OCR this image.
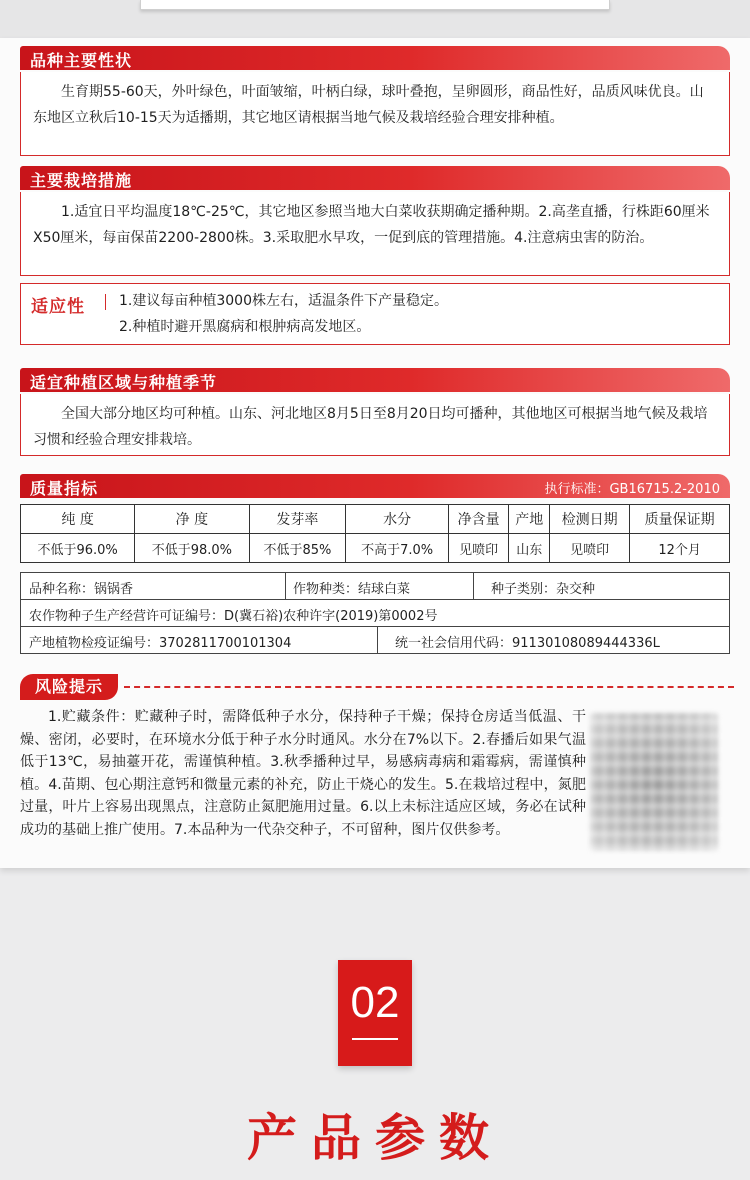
品种主要性状
生育期55-60天，外叶绿色，叶面皱缩，叶柄白绿，球叶叠抱，呈卵圆形，商品性好，品质风味优良。山东地区立秋后10-15天为适播期，其它地区请根据当地气候及栽培经验合理安排种植。
主要栽培措施
1.适宜日平均温度18℃-25℃，其它地区参照当地大白菜收获期确定播种期。2.高垄直播，行株距60厘米X50厘米，每亩保苗2200-2800株。3.采取肥水早攻，一促到底的管理措施。4.注意病虫害的防治。
适应性 1.建议每亩种植3000株左右，适温条件下产量稳定。
2.种植时避开黑腐病和根肿病高发地区。
适宜种植区域与种植季节
全国大部分地区均可种植。山东、河北地区8月5日至8月20日均可播种，其他地区可根据当地气候及栽培习惯和经验合理安排栽培。
质量指标	执行标准：GB16715.2-2010
纯 度	净 度	发芽率	水分	净含量	产地	检测日期	质量保证期
不低于96.0%	不低于98.0%	不低于85%	不高于7.0%	见喷印	山东	见喷印	12个月
品种名称：锅锅香	作物种类：结球白菜	种子类别：杂交种
农作物种子生产经营许可证编号：D(冀石裕)农种许字(2019)第0002号
产地植物检疫证编号：3702811700101304	统一社会信用代码：91130108089444336L
风险提示
1.贮藏条件：贮藏种子时，需降低种子水分，保持种子干燥；保持仓房适当低温、干燥、密闭，必要时，在环境水分低于种子水分时通风。水分在7%以下。2.春播后如果气温低于13℃，易抽薹开花，需谨慎种植。3.秋季播种过早，易感病毒病和霜霉病，需谨慎种植。4.苗期、包心期注意钙和微量元素的补充，防止干烧心的发生。5.在栽培过程中，氮肥过量，叶片上容易出现黑点，注意防止氮肥施用过量。6.以上未标注适应区域，务必在试种成功的基础上推广使用。7.本品种为一代杂交种子，不可留种，图片仅供参考。
02
产品参数
